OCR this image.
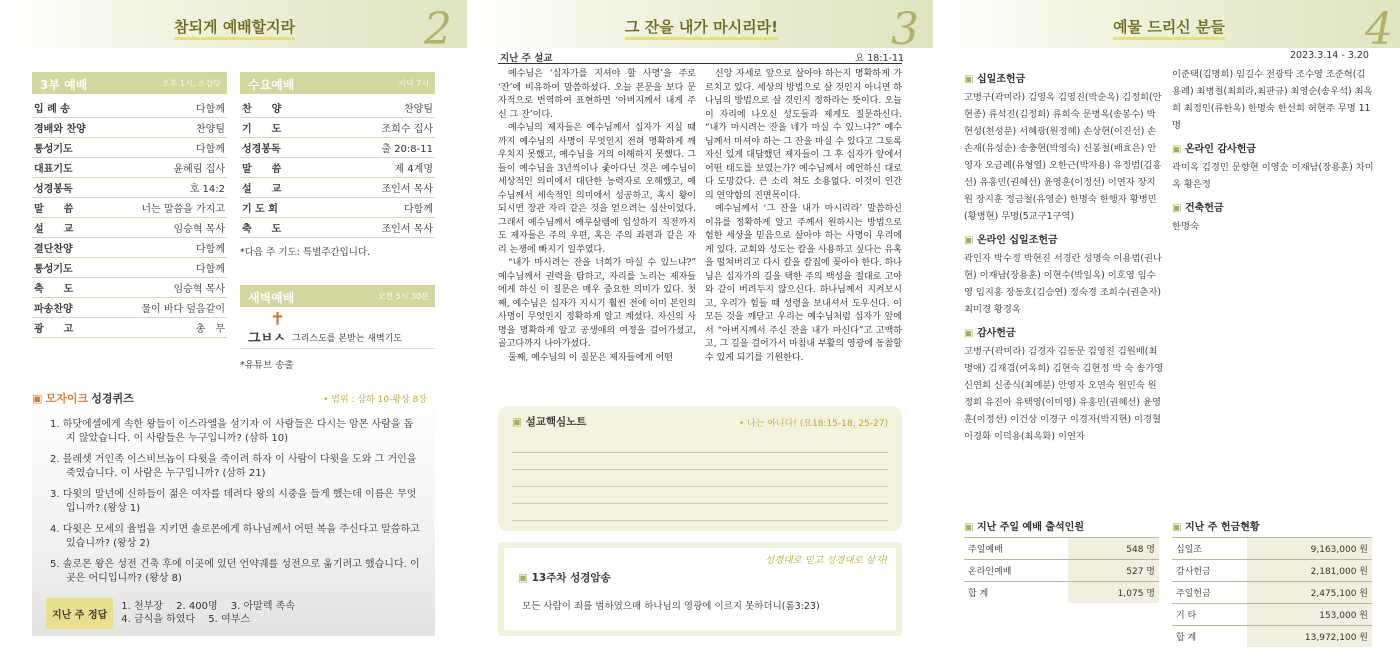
참되게 예배할지라	2
3부 예배	오후 1시, 소강당
입 례 송	다함께
경배와 찬양	찬양팀
통성기도	다함께
대표기도	윤혜림 집사
성경봉독	호 14:2
말　　씀	너는 말씀을 가지고
설　　교	임승혁 목사
결단찬양	다함께
통성기도	다함께
축　　도	임승혁 목사
파송찬양	물이 바다 덮음같이
광　　고	총　무
수요예배	저녁 7시
찬　　양	찬양팀
기　　도	조희수 집사
성경봉독	출 20:8-11
말　　씀	제 4계명
설　　교	조인서 목사
기 도 회	다함께
축　　도	조인서 목사
*다음 주 기도: 특별주간입니다.
새벽예배	오전 5시 30분
✝
그ㅂㅅ 그리스도를 본받는 새벽기도
*유튜브 송출
▣ 모자이크 성경퀴즈	• 범위 : 삼하 10-왕상 8장
1. 하닷에셀에게 속한 왕들이 이스라엘을 섬기자 이 사람들은 다시는 암몬 사람을 돕지 않았습니다. 이 사람들은 누구입니까? (삼하 10)
2. 블레셋 거인족 이스비브놉이 다윗을 죽이려 하자 이 사람이 다윗을 도와 그 거인을 죽였습니다. 이 사람은 누구입니까? (삼하 21)
3. 다윗의 말년에 신하들이 젊은 여자를 데려다 왕의 시중을 들게 했는데 이름은 무엇입니까? (왕상 1)
4. 다윗은 모세의 율법을 지키면 솔로몬에게 하나님께서 어떤 복을 주신다고 말씀하고 있습니까? (왕상 2)
5. 솔로몬 왕은 성전 건축 후에 이곳에 있던 언약궤를 성전으로 옮기려고 했습니다. 이곳은 어디입니까? (왕상 8)
지난 주 정답
1. 천부장　 2. 400명　 3. 아말렉 족속
4. 금식을 하였다　 5. 여부스
그 잔을 내가 마시리라!	3
지난 주 설교	요 18:1-11

예수님은 ‘십자가를 지셔야 할 사명’을 주로 ‘잔’에 비유하여 말씀하셨다. 오늘 본문을 보다 문자적으로 번역하여 표현하면 ‘아버지께서 내게 주신 그 잔’이다.

예수님의 제자들은 예수님께서 십자가 지실 때까지 예수님의 사명이 무엇인지 전혀 명확하게 깨우치지 못했고, 예수님을 거의 이해하지 못했다. 그들이 예수님을 3년씩이나 좇아다닌 것은 예수님이 세상적인 의미에서 대단한 능력자로 오해했고, 예수님께서 세속적인 의미에서 성공하고, 혹시 왕이 되시면 장관 자리 같은 것을 얻으려는 심산이었다. 그래서 예수님께서 예루살렘에 입성하기 직전까지도 제자들은 주의 우편, 혹은 주의 좌편과 같은 자리 논쟁에 빠지기 일쑤였다.

“내가 마시려는 잔을 너희가 마실 수 있느냐?” 예수님께서 권력을 탐하고, 자리를 노리는 제자들에게 하신 이 질문은 매우 중요한 의미가 있다. 첫째, 예수님은 십자가 지시기 훨씬 전에 이미 본인의 사명이 무엇인지 정확하게 알고 계셨다. 자신의 사명을 명확하게 알고 공생애의 여정을 걸어가셨고, 골고다까지 나아가셨다.

둘째, 예수님의 이 질문은 제자들에게 어떤

신앙 자세로 앞으로 살아야 하는지 명확하게 가르치고 있다. 세상의 방법으로 살 것인지 아니면 하나님의 방법으로 살 것인지 정하라는 뜻이다. 오늘 이 자리에 나오신 성도들과 제게도 질문하신다. “내가 마시려는 잔을 네가 마실 수 있느냐?” 예수님께서 마셔야 하는 그 잔을 마실 수 있다고 그토록 자신 있게 대답했던 제자들이 그 후 십자가 앞에서 어떤 태도를 보였는가? 예수님께서 예언하신 대로 다 도망갔다. 큰 소리 쳐도 소용없다. 이것이 인간의 연약함의 진면목이다.

예수님께서 ‘그 잔을 내가 마시리라’ 말씀하신 이유를 정확하게 알고 주께서 원하시는 방법으로 험한 세상을 믿음으로 살아야 하는 사명이 우리에게 있다. 교회와 성도는 칼을 사용하고 싶다는 유혹을 떨쳐버리고 다시 칼을 칼집에 꽂아야 한다. 하나님은 십자가의 길을 택한 주의 백성을 절대로 고아와 같이 버려두지 않으신다. 하나님께서 지켜보시고, 우리가 힘들 때 성령을 보내셔서 도우신다. 이 모든 것을 깨닫고 우리는 예수님처럼 십자가 앞에서 “아버지께서 주신 잔을 내가 마신다”고 고백하고, 그 길을 걸어가서 마침내 부활의 영광에 동참할 수 있게 되기를 기원한다.

▣ 설교핵심노트	• 나는 아니다! (요18:15-18, 25-27)
성경대로 믿고 성경대로 살자!
▣ 13주차 성경암송
모든 사람이 죄를 범하였으매 하나님의 영광에 이르지 못하더니(롬3:23)
예물 드리신 분들	4
2023.3.14 - 3.20
▣ 십일조헌금
고병구(곽미라) 김영옥 김영진(박순옥) 김정희(안현종) 류석진(김정희) 류희숙 문병옥(송봉수) 박현성(천성분) 서혜광(원정혜) 손상현(이진선) 손손재(유성순) 송충현(박영숙) 신봉철(배효은) 안영자 오금례(유형열) 오한근(박자용) 유정범(김홍선) 유홍민(권혜선) 윤영훈(이정선) 이연자 장지원 장지훈 정금철(유영순) 한명숙 한행자 황병민(황병현) 무명(5교구1구역)
▣ 온라인 십일조헌금
곽인자 박수정 박현진 서경란 성명숙 이용범(권나현) 이재남(장용훈) 이현수(박일옥) 이호영 임수영 임지홍 장동호(김승연) 정숙경 조희수(권춘자) 최미경 황경옥
▣ 감사헌금
고병구(곽미라) 김경자 김동문 김영진 김원배(최명애) 김재겸(여옥희) 김현숙 김현정 박 숙 송가영 신연희 신종식(최예분) 안영자 오연숙 원민숙 원정희 유진아 유택영(이미영) 유홍민(권혜선) 윤영훈(이정선) 이건상 이경구 이경자(박지현) 이경혈 이경화 이덕용(최옥화) 이연자
이준택(김명희) 임길수 전광탁 조수영 조준혁(김용례) 최병철(최희라,최판규) 최영순(송우석) 최옥희 최정인(류한옥) 한명숙 한선희 허현주 무명 11명
▣ 온라인 감사헌금
곽미옥 김경민 문향현 이영순 이재남(장용훈) 차미옥 황은정
▣ 건축헌금
한명숙
▣ 지난 주일 예배 출석인원
주일예배	548 명
온라인예배	527 명
합 계	1,075 명
▣ 지난 주 헌금현황
십일조	9,163,000 원
감사헌금	2,181,000 원
주일헌금	2,475,100 원
기 타	153,000 원
합 계	13,972,100 원
